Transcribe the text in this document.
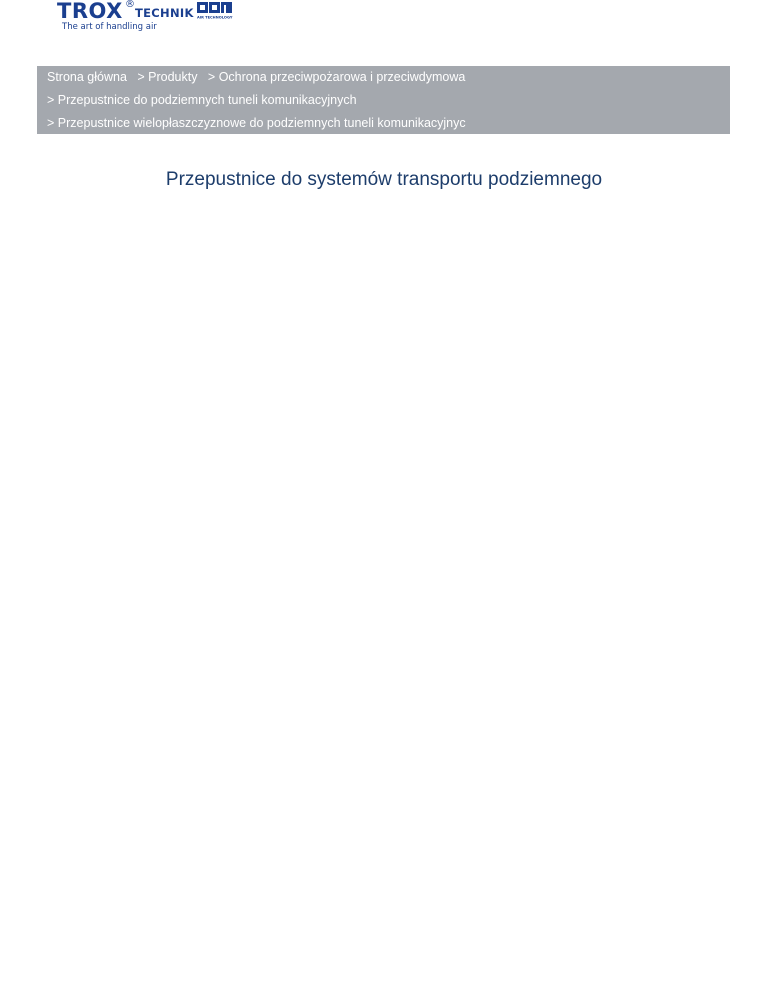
TROX ®
TECHNIK
The art of handling air
AIR TECHNOLOGY
Strona główna > Produkty > Ochrona przeciwpożarowa i przeciwdymowa
> Przepustnice do podziemnych tuneli komunikacyjnych
> Przepustnice wielopłaszczyznowe do podziemnych tuneli komunikacyjnyc
Przepustnice do systemów transportu podziemnego
